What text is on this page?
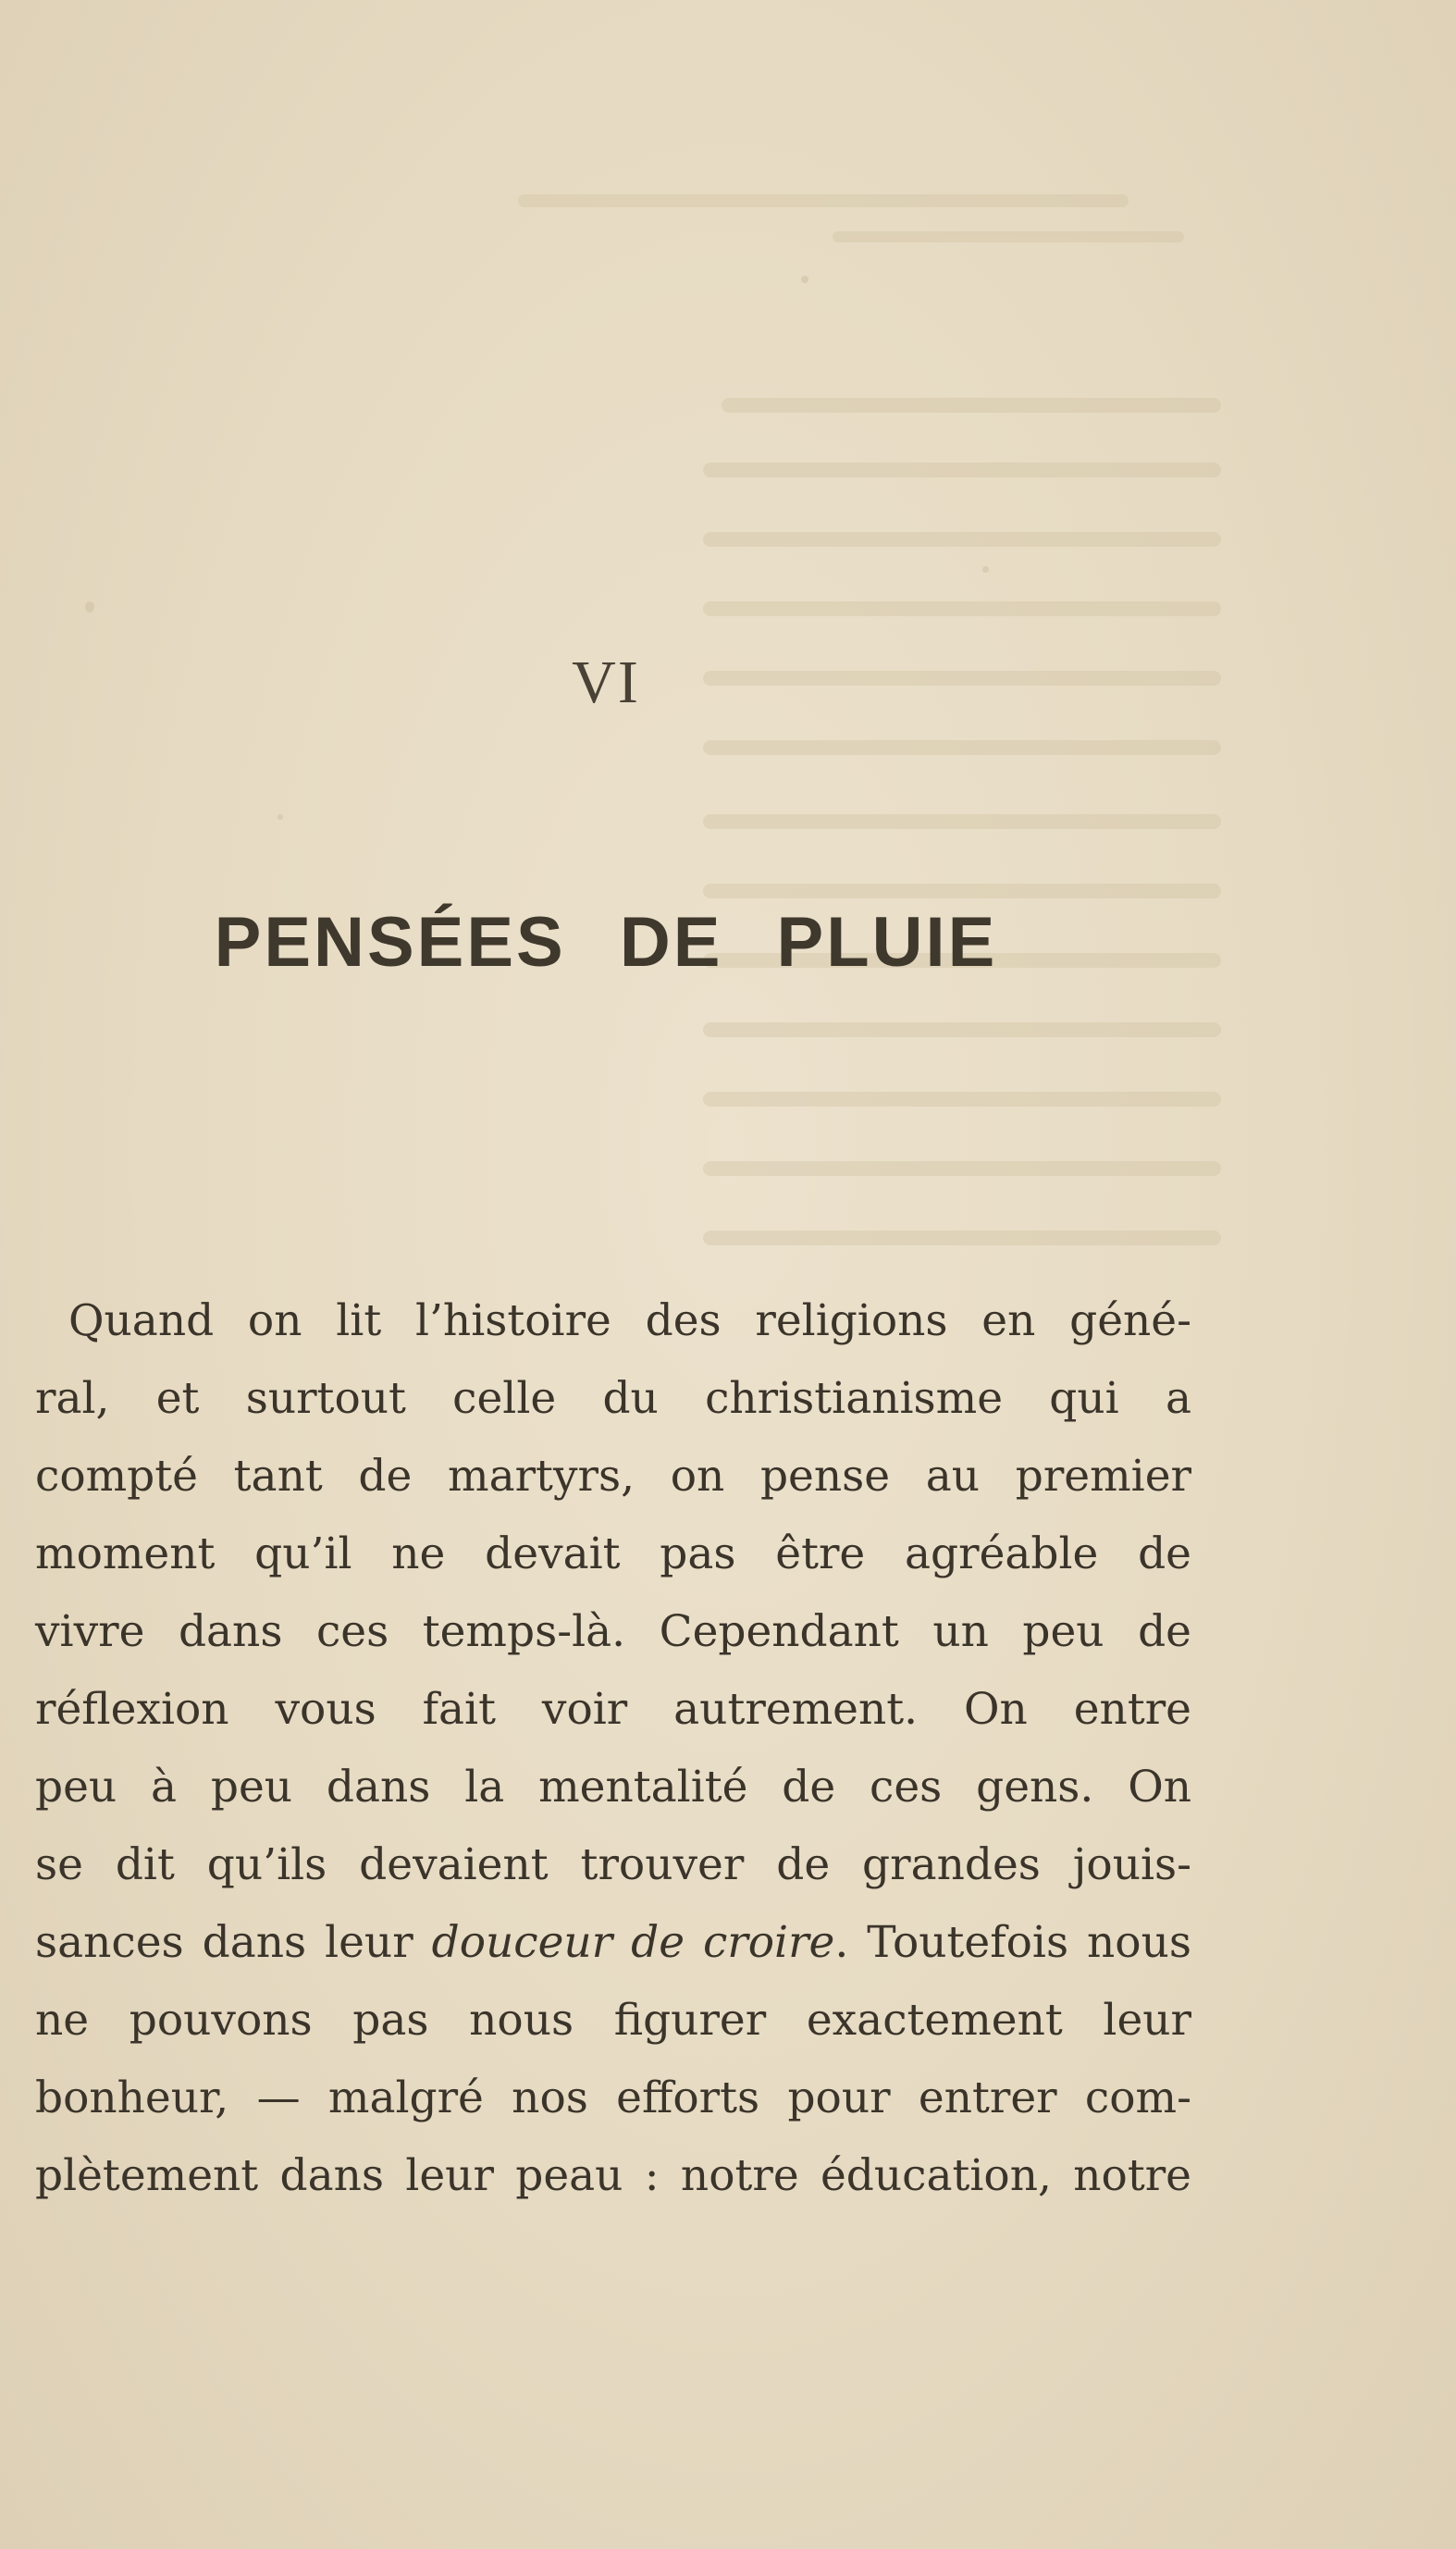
VI
PENSÉES DE PLUIE
Quand on lit l’histoire des religions en géné-
ral, et surtout celle du christianisme qui a
compté tant de martyrs, on pense au premier
moment qu’il ne devait pas être agréable de
vivre dans ces temps-là. Cependant un peu de
réflexion vous fait voir autrement. On entre
peu à peu dans la mentalité de ces gens. On
se dit qu’ils devaient trouver de grandes jouis-
sances dans leur douceur de croire. Toutefois nous
ne pouvons pas nous figurer exactement leur
bonheur, — malgré nos efforts pour entrer com-
plètement dans leur peau : notre éducation, notre
